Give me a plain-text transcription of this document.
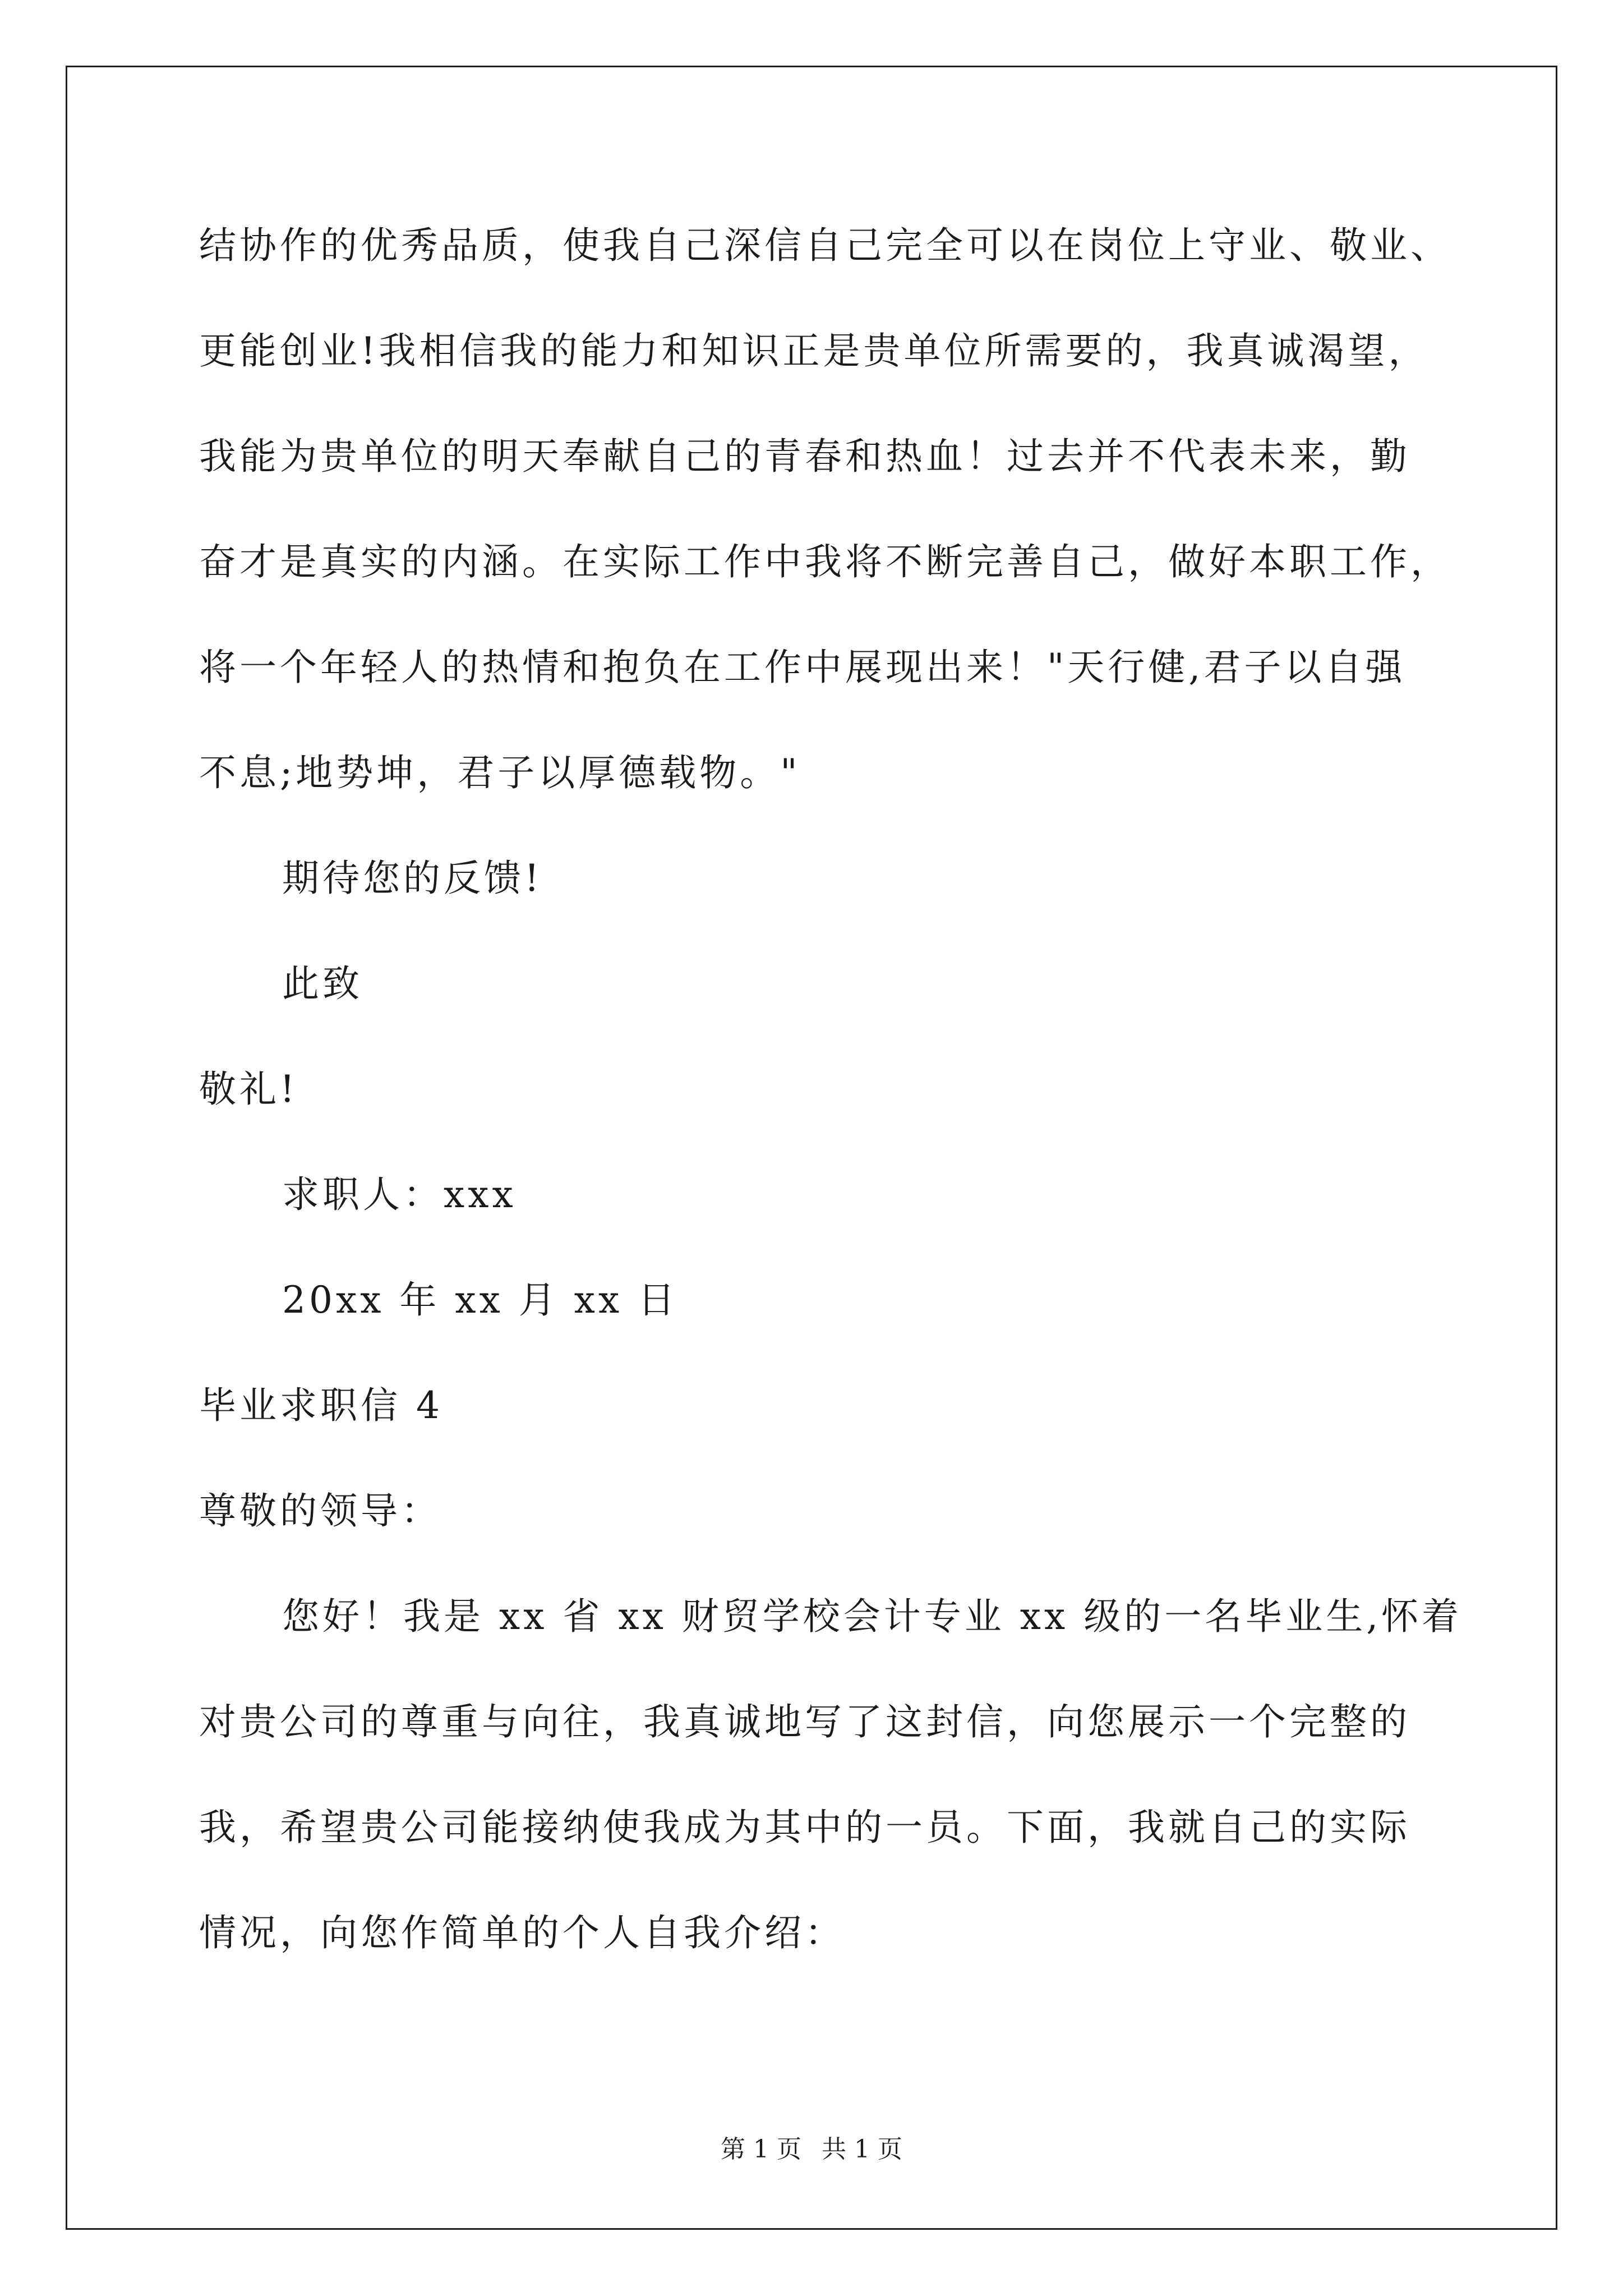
结协作的优秀品质，使我自己深信自己完全可以在岗位上守业、敬业、
更能创业!我相信我的能力和知识正是贵单位所需要的，我真诚渴望，
我能为贵单位的明天奉献自己的青春和热血！过去并不代表未来，勤
奋才是真实的内涵。在实际工作中我将不断完善自己，做好本职工作，
将一个年轻人的热情和抱负在工作中展现出来！"天行健,君子以自强
不息;地势坤，君子以厚德载物。"
期待您的反馈!
此致
敬礼!
求职人：xxx
20xx 年 xx 月 xx 日
毕业求职信 4
尊敬的领导：
您好！我是 xx 省 xx 财贸学校会计专业 xx 级的一名毕业生,怀着
对贵公司的尊重与向往，我真诚地写了这封信，向您展示一个完整的
我，希望贵公司能接纳使我成为其中的一员。下面，我就自己的实际
情况，向您作简单的个人自我介绍：
第 1 页 共 1 页
